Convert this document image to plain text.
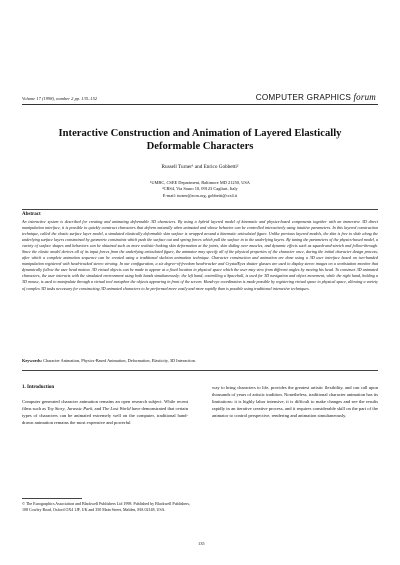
Volume 17 (1998), number 2 pp. 135–152	COMPUTER GRAPHICS forum
Interactive Construction and Animation of Layered Elastically
Deformable Characters
Russell Turner¹ and Enrico Gobbetti²
¹UMBC, CSEE Department, Baltimore MD 21250, USA
²CRS4, Via Sauro 10, 09123 Cagliari, Italy
E-mail: turner@acm.org, gobbetti@crs4.it
Abstract
An interactive system is described for creating and animating deformable 3D characters. By using a hybrid layered model of kinematic and physics-based components together with an immersive 3D direct manipulation interface, it is possible to quickly construct characters that deform naturally when animated and whose behavior can be controlled interactively using intuitive parameters. In this layered construction technique, called the elastic surface layer model, a simulated elastically deformable skin surface is wrapped around a kinematic articulated figure. Unlike previous layered models, the skin is free to slide along the underlying surface layers constrained by geometric constraints which push the surface out and spring forces which pull the surface in to the underlying layers. By tuning the parameters of the physics-based model, a variety of surface shapes and behaviors can be obtained such as more realistic-looking skin deformation at the joints, skin sliding over muscles, and dynamic effects such as squash-and-stretch and follow-through. Since the elastic model derives all of its input forces from the underlying articulated figure, the animator may specify all of the physical properties of the character once, during the initial character design process, after which a complete animation sequence can be created using a traditional skeleton animation technique. Character construction and animation are done using a 3D user interface based on two-handed manipulation registered with head-tracked stereo viewing. In our configuration, a six degree-of-freedom head-tracker and CrystalEyes shutter glasses are used to display stereo images on a workstation monitor that dynamically follow the user head motion. 3D virtual objects can be made to appear at a fixed location in physical space which the user may view from different angles by moving his head. To construct 3D animated characters, the user interacts with the simulated environment using both hands simultaneously: the left hand, controlling a Spaceball, is used for 3D navigation and object movement, while the right hand, holding a 3D mouse, is used to manipulate through a virtual tool metaphor the objects appearing in front of the screen. Hand-eye coordination is made possible by registering virtual space to physical space, allowing a variety of complex 3D tasks necessary for constructing 3D animated characters to be performed more easily and more rapidly than is possible using traditional interactive techniques.
Keywords: Character Animation, Physics-Based Animation, Deformation, Elasticity, 3D Interaction.
1. Introduction
Computer generated character animation remains an open research subject. While recent films such as Toy Story, Jurassic Park, and The Lost World have demonstrated that certain types of characters can be animated extremely well on the computer, traditional hand-drawn animation remains the most expensive and powerful
way to bring characters to life, provides the greatest artistic flexibility, and can call upon thousands of years of artistic tradition. Nonetheless, traditional character animation has its limitations: it is highly labor intensive, it is difficult to make changes and see the results rapidly in an iterative creative process, and it requires considerable skill on the part of the animator to control perspective, rendering and animation simultaneously.
© The Eurographics Association and Blackwell Publishers Ltd 1998. Published by Blackwell Publishers, 108 Cowley Road, Oxford OX4 1JF, UK and 350 Main Street, Malden, MA 02148, USA.
135
